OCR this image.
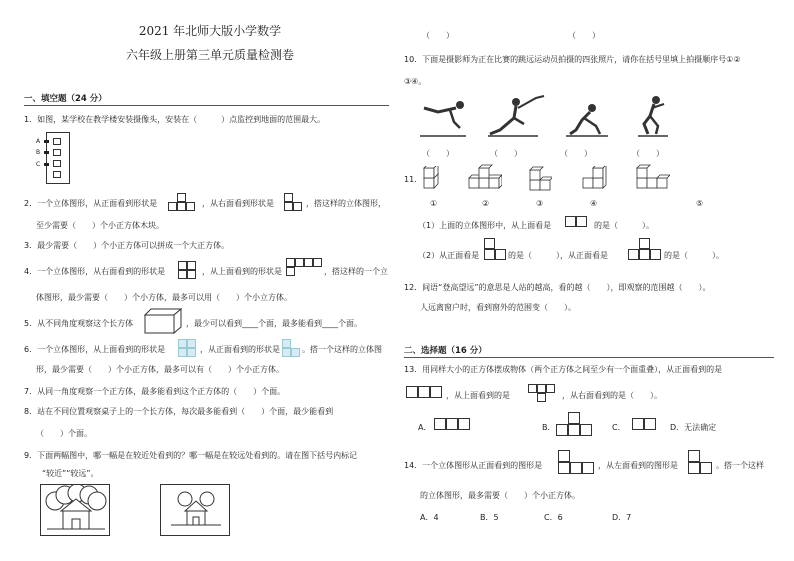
2021 年北师大版小学数学
六年级上册第三单元质量检测卷
一、填空题（24 分）
1．如图，某学校在教学楼安装摄像头，安装在（　　　）点监控到地面的范围最大。
A
B
C
2．一个立体图形，从正面看到形状是	，从右面看到形状是	，搭这样的立体图形，
至少需要（　　）个小正方体木块。
3．最少需要（　　）个小正方体可以拼成一个大正方体。
4．一个立体图形，从右面看到的形状是	，从上面看到的形状是	，搭这样的一个立
体图形，最少需要（　　）个小方体，最多可以用（　　）个小立方体。
5．从不同角度观察这个长方体	，最少可以看到____个面，最多能看到____个面。
6．一个立体图形，从上面看到的形状是	，从正面看到的形状是	。搭一个这样的立体图
形，最少需要（　　）个小正方体，最多可以有（　　）个小正方体。
7．从同一角度观察一个正方体，最多能看到这个正方体的（　　）个面。
8．站在不同位置观察桌子上的一个长方体，每次最多能看到（　　）个面，最少能看到
（　　）个面。
9．下面两幅图中，哪一幅是在较近处看到的？哪一幅是在较远处看到的。请在图下括号内标记
“较近”“较远”。
（　　）	（　　）
10．下面是摄影师为正在比赛的跳远运动员拍摄的四张照片，请你在括号里填上拍摄顺序号①②
③④。
（　　）	（　　）	（　　）	（　　）
11．
①	②	③	④	⑤
（1）上面的立体图形中，从上面看是	的是（　　　）。
（2）从正面看是	的是（　　　），从正面看是	的是（　　　）。
12．间语“登高望远”的意思是人站的越高，看的越（　　），即观察的范围越（　　）。
人远离窗户时，看到窗外的范围变（　　）。
二、选择题（16 分）
13．用同样大小的正方体摆成物体（两个正方体之间至少有一个面重叠），从正面看到的是
，从上面看到的是	，从右面看到的是（　　）。
A．	B．	C．	D．无法确定
14．一个立体图形从正面看到的图形是	，从左面看到的图形是	。搭一个这样
的立体图形，最多需要（　　）个小正方体。
A．4	B．5	C．6	D．7
